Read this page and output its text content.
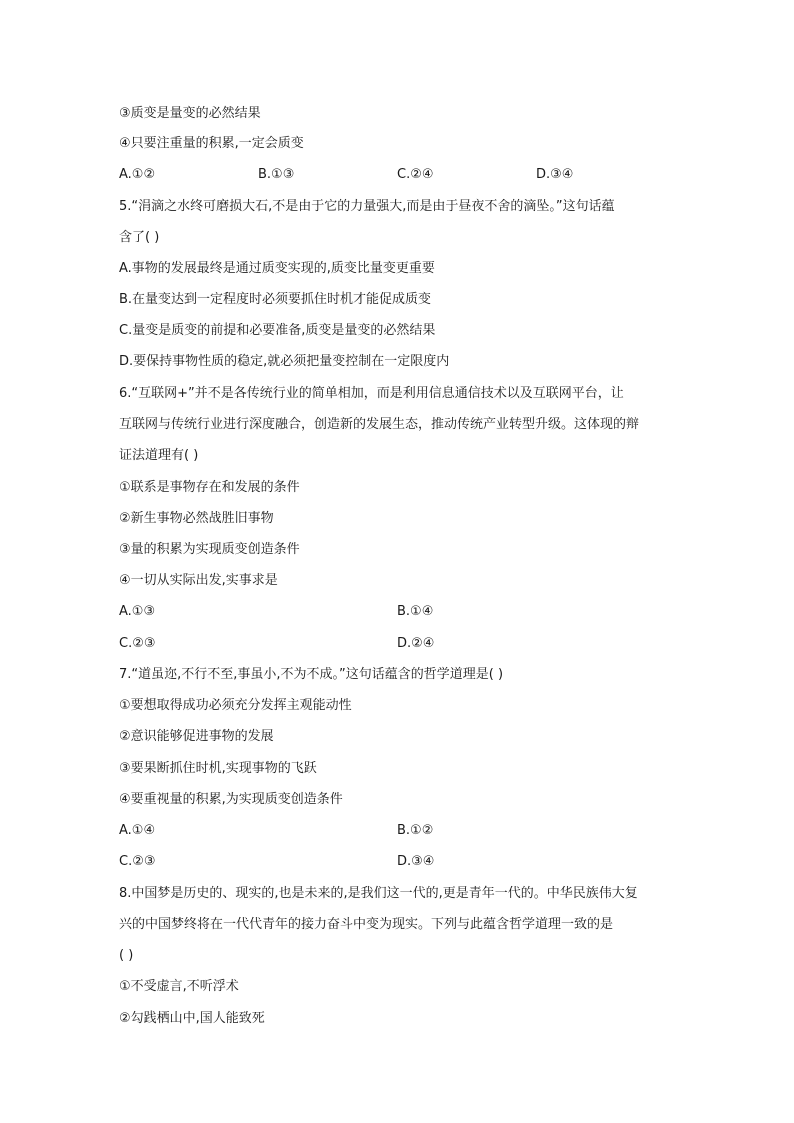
③质变是量变的必然结果
④只要注重量的积累,一定会质变
A.①②	B.①③	C.②④	D.③④
5.“涓滴之水终可磨损大石,不是由于它的力量强大,而是由于昼夜不舍的滴坠。”这句话蕴
含了( )
A.事物的发展最终是通过质变实现的,质变比量变更重要
B.在量变达到一定程度时必须要抓住时机才能促成质变
C.量变是质变的前提和必要准备,质变是量变的必然结果
D.要保持事物性质的稳定,就必须把量变控制在一定限度内
6.“互联网+”并不是各传统行业的简单相加，而是利用信息通信技术以及互联网平台，让
互联网与传统行业进行深度融合，创造新的发展生态，推动传统产业转型升级。这体现的辩
证法道理有( )
①联系是事物存在和发展的条件
②新生事物必然战胜旧事物
③量的积累为实现质变创造条件
④一切从实际出发,实事求是
A.①③	B.①④
C.②③	D.②④
7.“道虽迩,不行不至,事虽小,不为不成。”这句话蕴含的哲学道理是( )
①要想取得成功必须充分发挥主观能动性
②意识能够促进事物的发展
③要果断抓住时机,实现事物的飞跃
④要重视量的积累,为实现质变创造条件
A.①④	B.①②
C.②③	D.③④
8.中国梦是历史的、现实的,也是未来的,是我们这一代的,更是青年一代的。中华民族伟大复
兴的中国梦终将在一代代青年的接力奋斗中变为现实。下列与此蕴含哲学道理一致的是
( )
①不受虚言,不听浮术
②勾践栖山中,国人能致死
